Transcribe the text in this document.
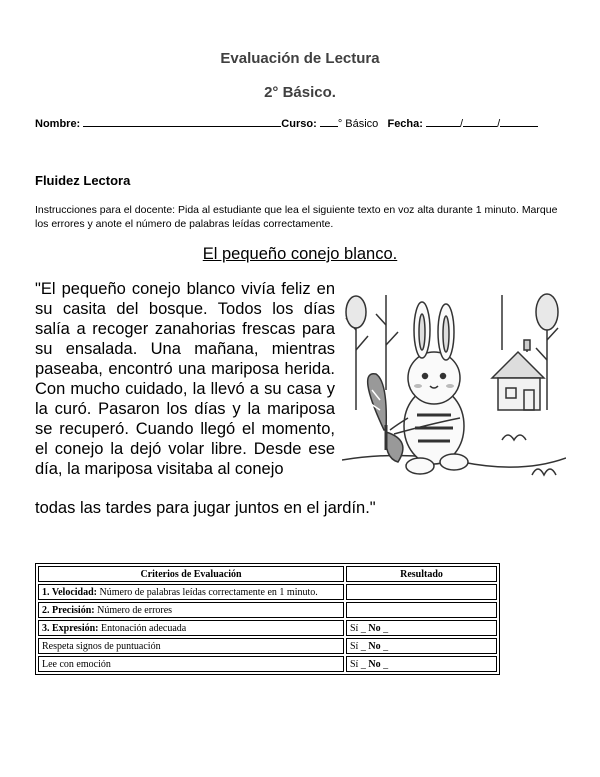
Evaluación de Lectura
2° Básico.
Nombre:	Curso: ° Básico Fecha:	/	/
Fluidez Lectora
Instrucciones para el docente: Pida al estudiante que lea el siguiente texto en voz alta durante 1 minuto. Marque los errores y anote el número de palabras leídas correctamente.
El pequeño conejo blanco.
"El pequeño conejo blanco vivía feliz en su casita del bosque. Todos los días salía a recoger zanahorias frescas para su ensalada. Una mañana, mientras paseaba, encontró una mariposa herida. Con mucho cuidado, la llevó a su casa y la curó. Pasaron los días y la mariposa se recuperó. Cuando llegó el momento, el conejo la dejó volar libre. Desde ese día, la mariposa visitaba al conejo
todas las tardes para jugar juntos en el jardín."
Criterios de Evaluación	Resultado
1. Velocidad: Número de palabras leídas correctamente en 1 minuto.	
2. Precisión: Número de errores	
3. Expresión: Entonación adecuada	Sí _ No _
Respeta signos de puntuación	Sí _ No _
Lee con emoción	Sí _ No _
